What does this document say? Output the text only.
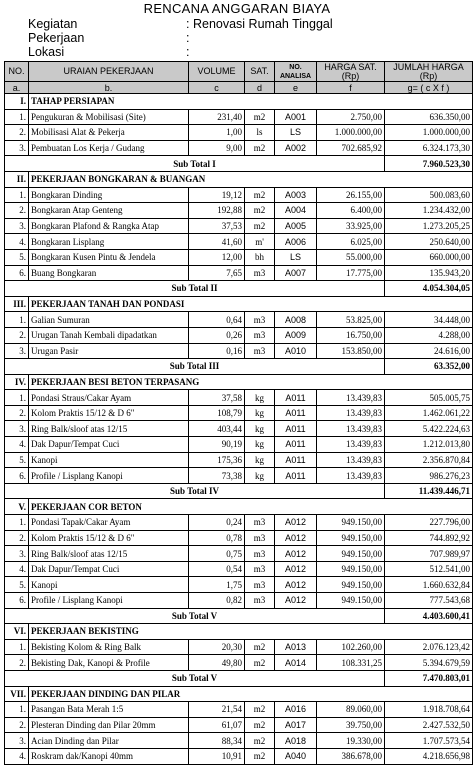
RENCANA ANGGARAN BIAYA
Kegiatan	: Renovasi Rumah Tinggal
Pekerjaan	:
Lokasi	:
NO.	URAIAN PEKERJAAN	VOLUME	SAT.	NO. ANALISA	HARGA SAT. (Rp)	JUMLAH HARGA (Rp)
a.	b.	c	d	e	f	g= ( c X f )
I.	TAHAP PERSIAPAN					
1.	Pengukuran & Mobilisasi (Site)	231,40	m2	A001	2.750,00	636.350,00
2.	Mobilisasi Alat & Pekerja	1,00	ls	LS	1.000.000,00	1.000.000,00
3.	Pembuatan Los Kerja / Gudang	9,00	m2	A002	702.685,92	6.324.173,30
Sub Total I						7.960.523,30
II.	PEKERJAAN BONGKARAN & BUANGAN					
1.	Bongkaran Dinding	19,12	m2	A003	26.155,00	500.083,60
2.	Bongkaran Atap Genteng	192,88	m2	A004	6.400,00	1.234.432,00
3.	Bongkaran Plafond & Rangka Atap	37,53	m2	A005	33.925,00	1.273.205,25
4.	Bongkaran Lisplang	41,60	m'	A006	6.025,00	250.640,00
5.	Bongkaran Kusen Pintu & Jendela	12,00	bh	LS	55.000,00	660.000,00
6.	Buang Bongkaran	7,65	m3	A007	17.775,00	135.943,20
Sub Total II						4.054.304,05
III.	PEKERJAAN TANAH DAN PONDASI					
1.	Galian Sumuran	0,64	m3	A008	53.825,00	34.448,00
2.	Urugan Tanah Kembali dipadatkan	0,26	m3	A009	16.750,00	4.288,00
3.	Urugan Pasir	0,16	m3	A010	153.850,00	24.616,00
Sub Total III						63.352,00
IV.	PEKERJAAN BESI BETON TERPASANG					
1.	Pondasi Straus/Cakar Ayam	37,58	kg	A011	13.439,83	505.005,75
2.	Kolom Praktis 15/12 & D 6"	108,79	kg	A011	13.439,83	1.462.061,22
3.	Ring Balk/sloof atas 12/15	403,44	kg	A011	13.439,83	5.422.224,63
4.	Dak Dapur/Tempat Cuci	90,19	kg	A011	13.439,83	1.212.013,80
5.	Kanopi	175,36	kg	A011	13.439,83	2.356.870,84
6.	Profile / Lisplang Kanopi	73,38	kg	A011	13.439,83	986.276,23
Sub Total IV						11.439.446,71
V.	PEKERJAAN COR BETON					
1.	Pondasi Tapak/Cakar Ayam	0,24	m3	A012	949.150,00	227.796,00
2.	Kolom Praktis 15/12 & D 6"	0,78	m3	A012	949.150,00	744.892,92
3.	Ring Balk/sloof atas 12/15	0,75	m3	A012	949.150,00	707.989,97
4.	Dak Dapur/Tempat Cuci	0,54	m3	A012	949.150,00	512.541,00
5.	Kanopi	1,75	m3	A012	949.150,00	1.660.632,84
6.	Profile / Lisplang Kanopi	0,82	m3	A012	949.150,00	777.543,68
Sub Total V						4.403.600,41
VI.	PEKERJAAN BEKISTING					
1.	Bekisting Kolom & Ring Balk	20,30	m2	A013	102.260,00	2.076.123,42
2.	Bekisting Dak, Kanopi & Profile	49,80	m2	A014	108.331,25	5.394.679,59
Sub Total V						7.470.803,01
VII.	PEKERJAAN DINDING DAN PILAR					
1.	Pasangan Bata Merah 1:5	21,54	m2	A016	89.060,00	1.918.708,64
2.	Plesteran Dinding dan Pilar 20mm	61,07	m2	A017	39.750,00	2.427.532,50
3.	Acian Dinding dan Pilar	88,34	m2	A018	19.330,00	1.707.573,54
4.	Roskram dak/Kanopi 40mm	10,91	m2	A040	386.678,00	4.218.656,98
